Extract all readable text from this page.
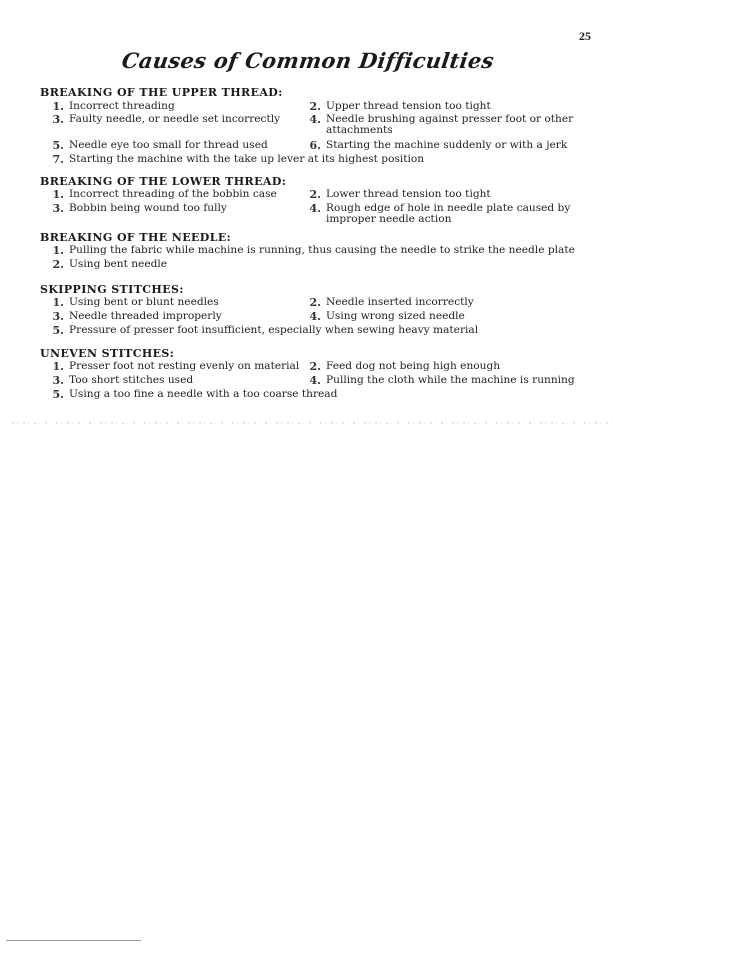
25
Causes of Common Difficulties
BREAKING OF THE UPPER THREAD:
1. Incorrect threading	2. Upper thread tension too tight
3. Faulty needle, or needle set incorrectly	4. Needle brushing against presser foot or other attachments
5. Needle eye too small for thread used	6. Starting the machine suddenly or with a jerk
7. Starting the machine with the take up lever at its highest position
BREAKING OF THE LOWER THREAD:
1. Incorrect threading of the bobbin case	2. Lower thread tension too tight
3. Bobbin being wound too fully	4. Rough edge of hole in needle plate caused by improper needle action
BREAKING OF THE NEEDLE:
1. Pulling the fabric while machine is running, thus causing the needle to strike the needle plate
2. Using bent needle
SKIPPING STITCHES:
1. Using bent or blunt needles	2. Needle inserted incorrectly
3. Needle threaded improperly	4. Using wrong sized needle
5. Pressure of presser foot insufficient, especially when sewing heavy material
UNEVEN STITCHES:
1. Presser foot not resting evenly on material 2. Feed dog not being high enough
3. Too short stitches used	4. Pulling the cloth while the machine is running
5. Using a too fine a needle with a too coarse thread
